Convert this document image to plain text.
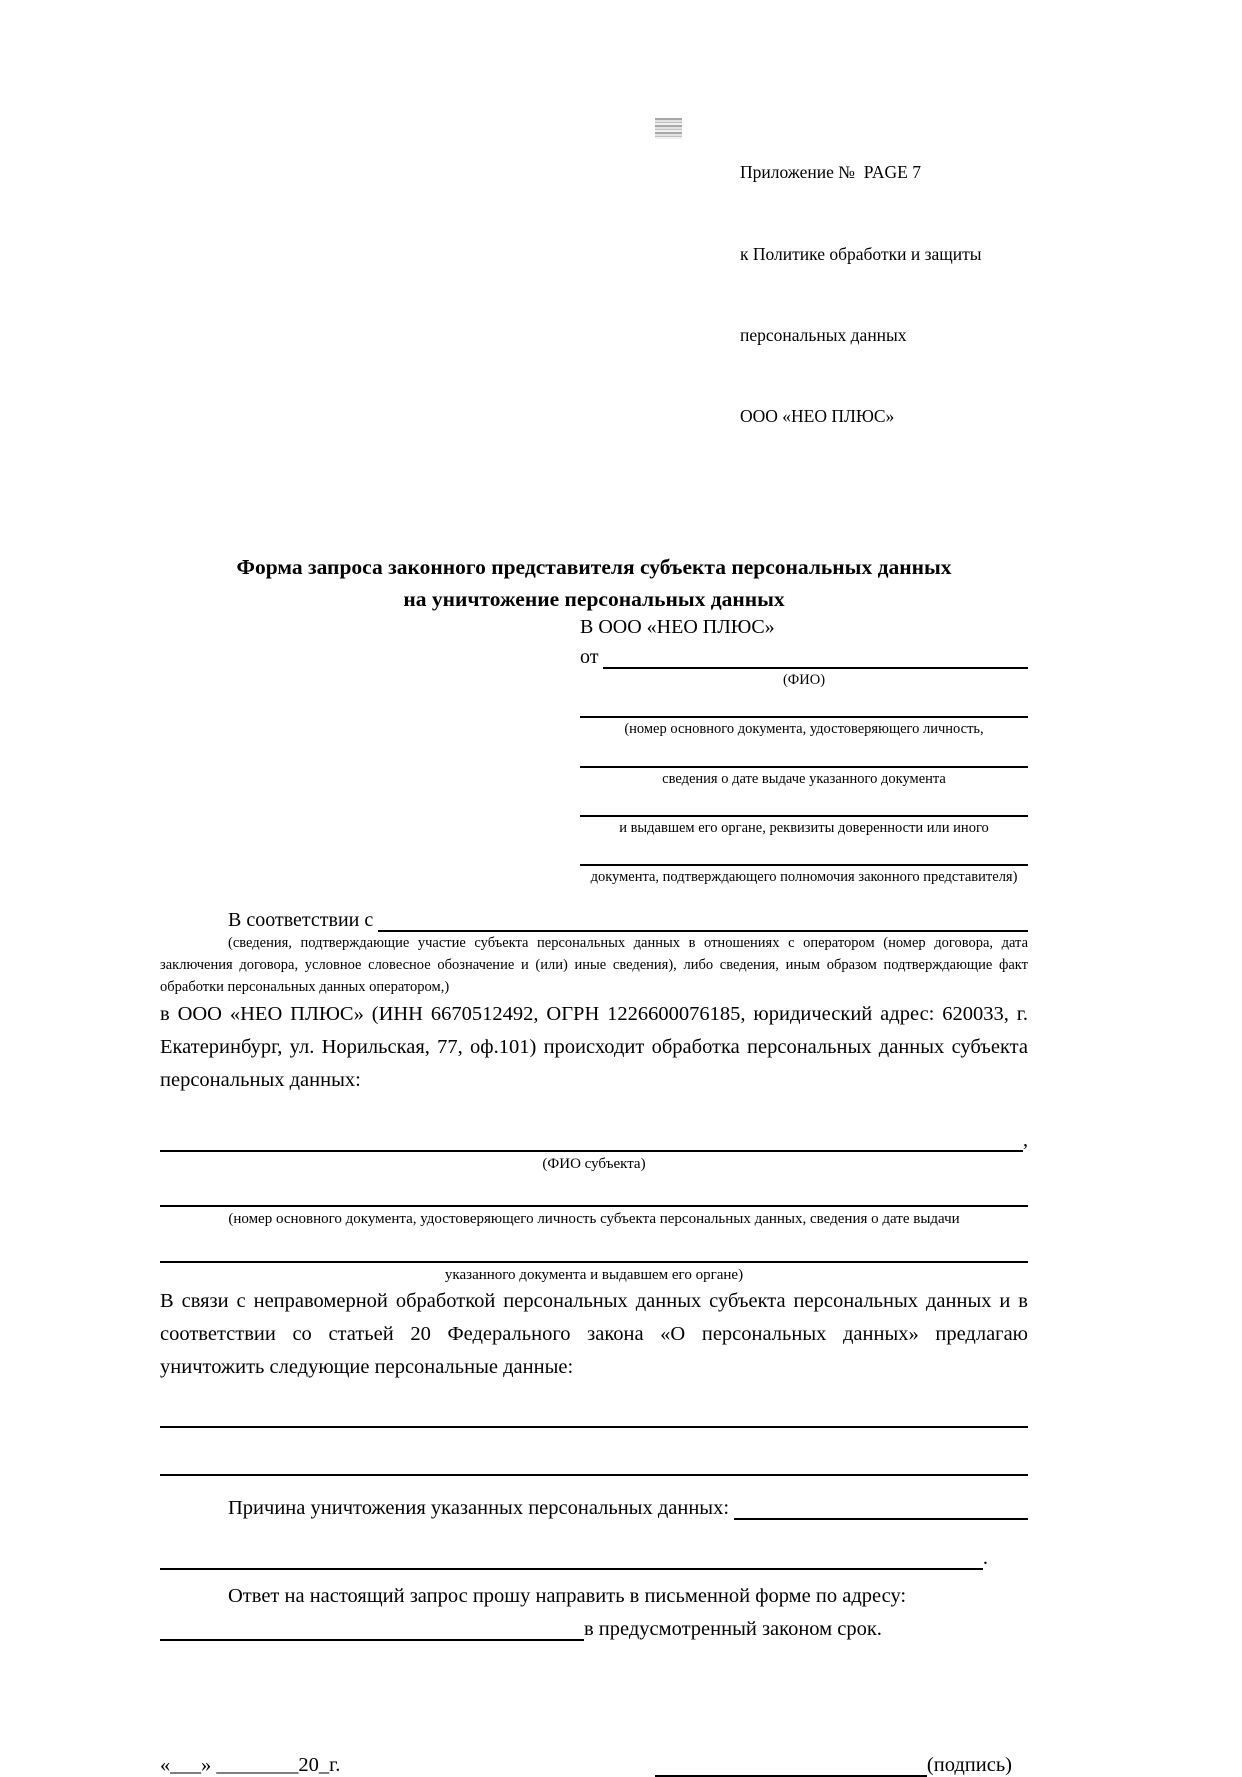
Приложение №  PAGE 7

к Политике обработки и защиты

персональных данных

ООО «НЕО ПЛЮС»

Форма запроса законного представителя субъекта персональных данных
на уничтожение персональных данных
В ООО «НЕО ПЛЮС»
от
(ФИО)
(номер основного документа, удостоверяющего личность,
сведения о дате выдаче указанного документа
и выдавшем его органе, реквизиты доверенности или иного
документа, подтверждающего полномочия законного представителя)
В соответствии с
(сведения, подтверждающие участие субъекта персональных данных в отношениях с оператором (номер договора, дата заключения договора, условное словесное обозначение и (или) иные сведения), либо сведения, иным образом подтверждающие факт обработки персональных данных оператором,)
в ООО «НЕО ПЛЮС» (ИНН 6670512492, ОГРН 1226600076185, юридический адрес: 620033, г. Екатеринбург, ул. Норильская, 77, оф.101) происходит обработка персональных данных субъекта персональных данных:
,
(ФИО субъекта)
(номер основного документа, удостоверяющего личность субъекта персональных данных, сведения о дате выдачи
указанного документа и выдавшем его органе)
В связи с неправомерной обработкой персональных данных субъекта персональных данных и в соответствии со статьей 20 Федерального закона «О персональных данных» предлагаю уничтожить следующие персональные данные:
Причина уничтожения указанных персональных данных:
.
Ответ на настоящий запрос прошу направить в письменной форме по адресу:
в предусмотренный законом срок.
«___» ________20_г.	(подпись)
